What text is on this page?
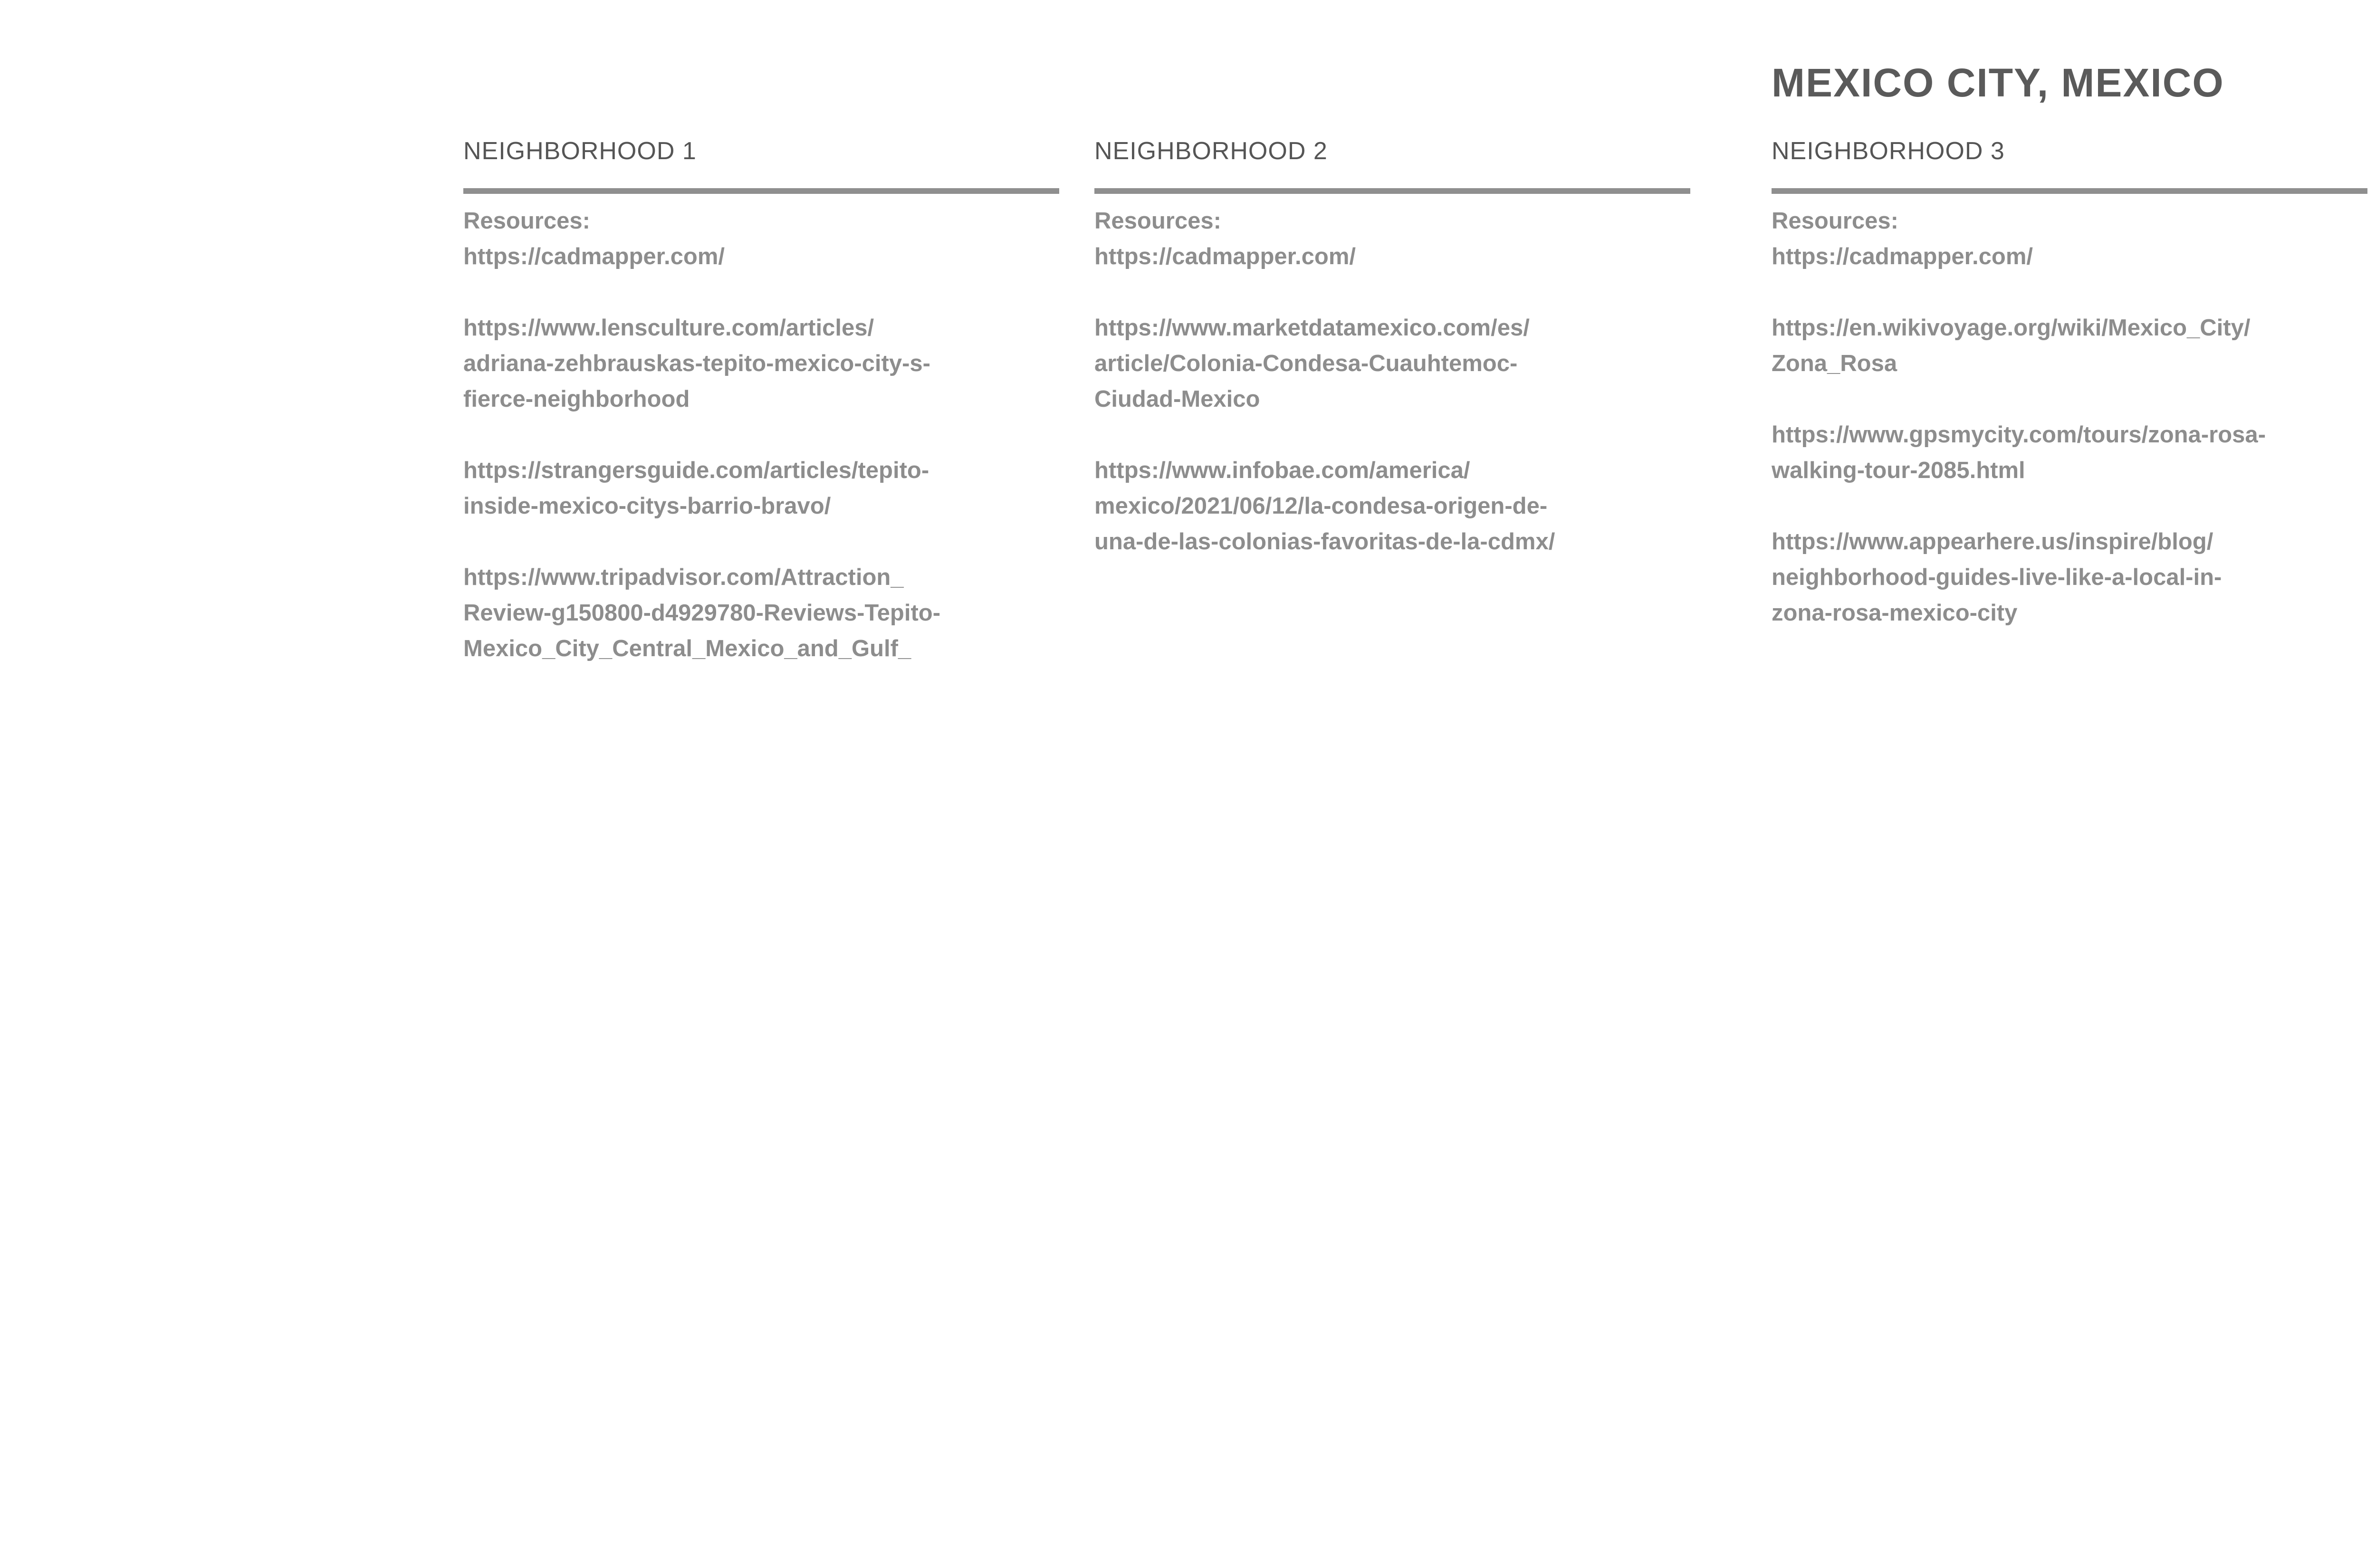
MEXICO CITY, MEXICO
NEIGHBORHOOD 1
Resources:
https://cadmapper.com/
https://www.lensculture.com/articles/
adriana-zehbrauskas-tepito-mexico-city-s-
fierce-neighborhood
https://strangersguide.com/articles/tepito-
inside-mexico-citys-barrio-bravo/
https://www.tripadvisor.com/Attraction_
Review-g150800-d4929780-Reviews-Tepito-
Mexico_City_Central_Mexico_and_Gulf_
NEIGHBORHOOD 2
Resources:
https://cadmapper.com/
https://www.marketdatamexico.com/es/
article/Colonia-Condesa-Cuauhtemoc-
Ciudad-Mexico
https://www.infobae.com/america/
mexico/2021/06/12/la-condesa-origen-de-
una-de-las-colonias-favoritas-de-la-cdmx/
NEIGHBORHOOD 3
Resources:
https://cadmapper.com/
https://en.wikivoyage.org/wiki/Mexico_City/
Zona_Rosa
https://www.gpsmycity.com/tours/zona-rosa-
walking-tour-2085.html
https://www.appearhere.us/inspire/blog/
neighborhood-guides-live-like-a-local-in-
zona-rosa-mexico-city
